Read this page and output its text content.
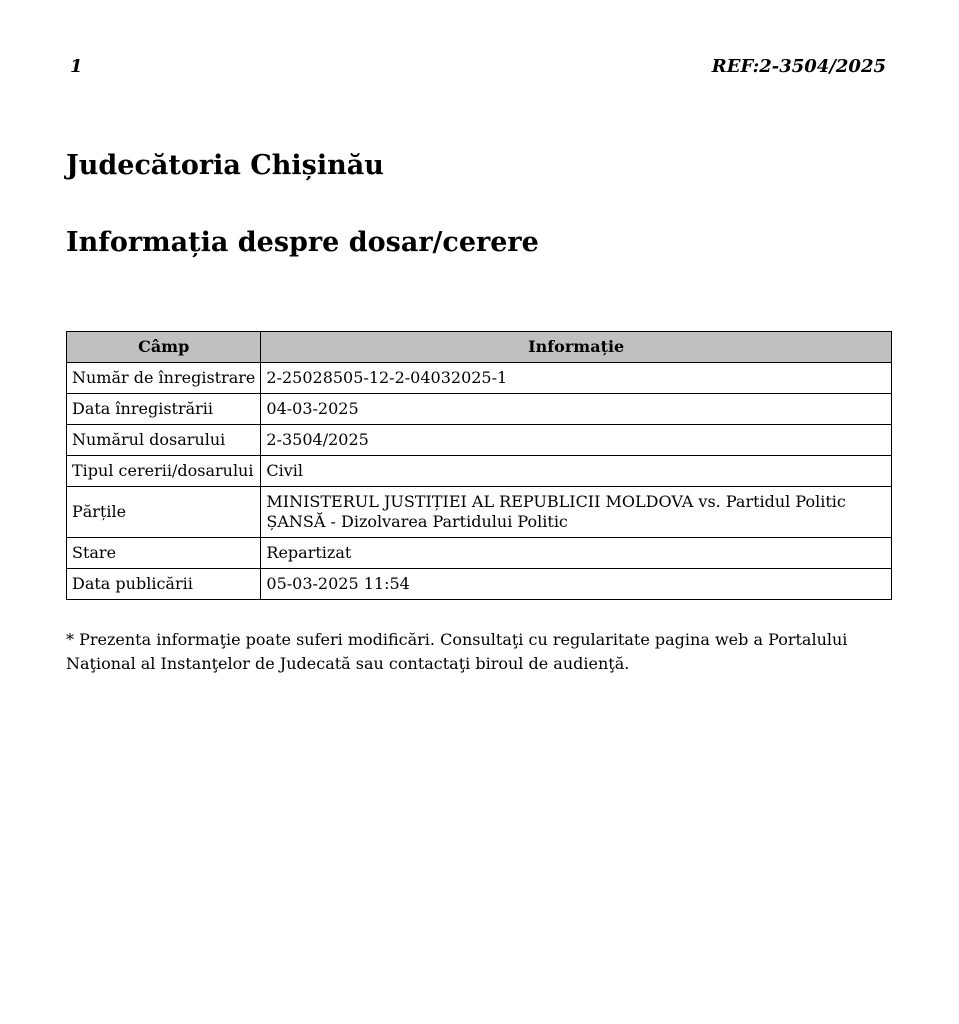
1	REF:2-3504/2025
Judecătoria Chișinău
Informația despre dosar/cerere
Câmp	Informație
Număr de înregistrare	2-25028505-12-2-04032025-1
Data înregistrării	04-03-2025
Numărul dosarului	2-3504/2025
Tipul cererii/dosarului	Civil
Părțile	MINISTERUL JUSTIȚIEI AL REPUBLICII MOLDOVA vs. Partidul Politic ȘANSĂ - Dizolvarea Partidului Politic
Stare	Repartizat
Data publicării	05-03-2025 11:54

* Prezenta informaţie poate suferi modificări. Consultaţi cu regularitate pagina web a Portalului Naţional al Instanţelor de Judecată sau contactaţi biroul de audienţă.
